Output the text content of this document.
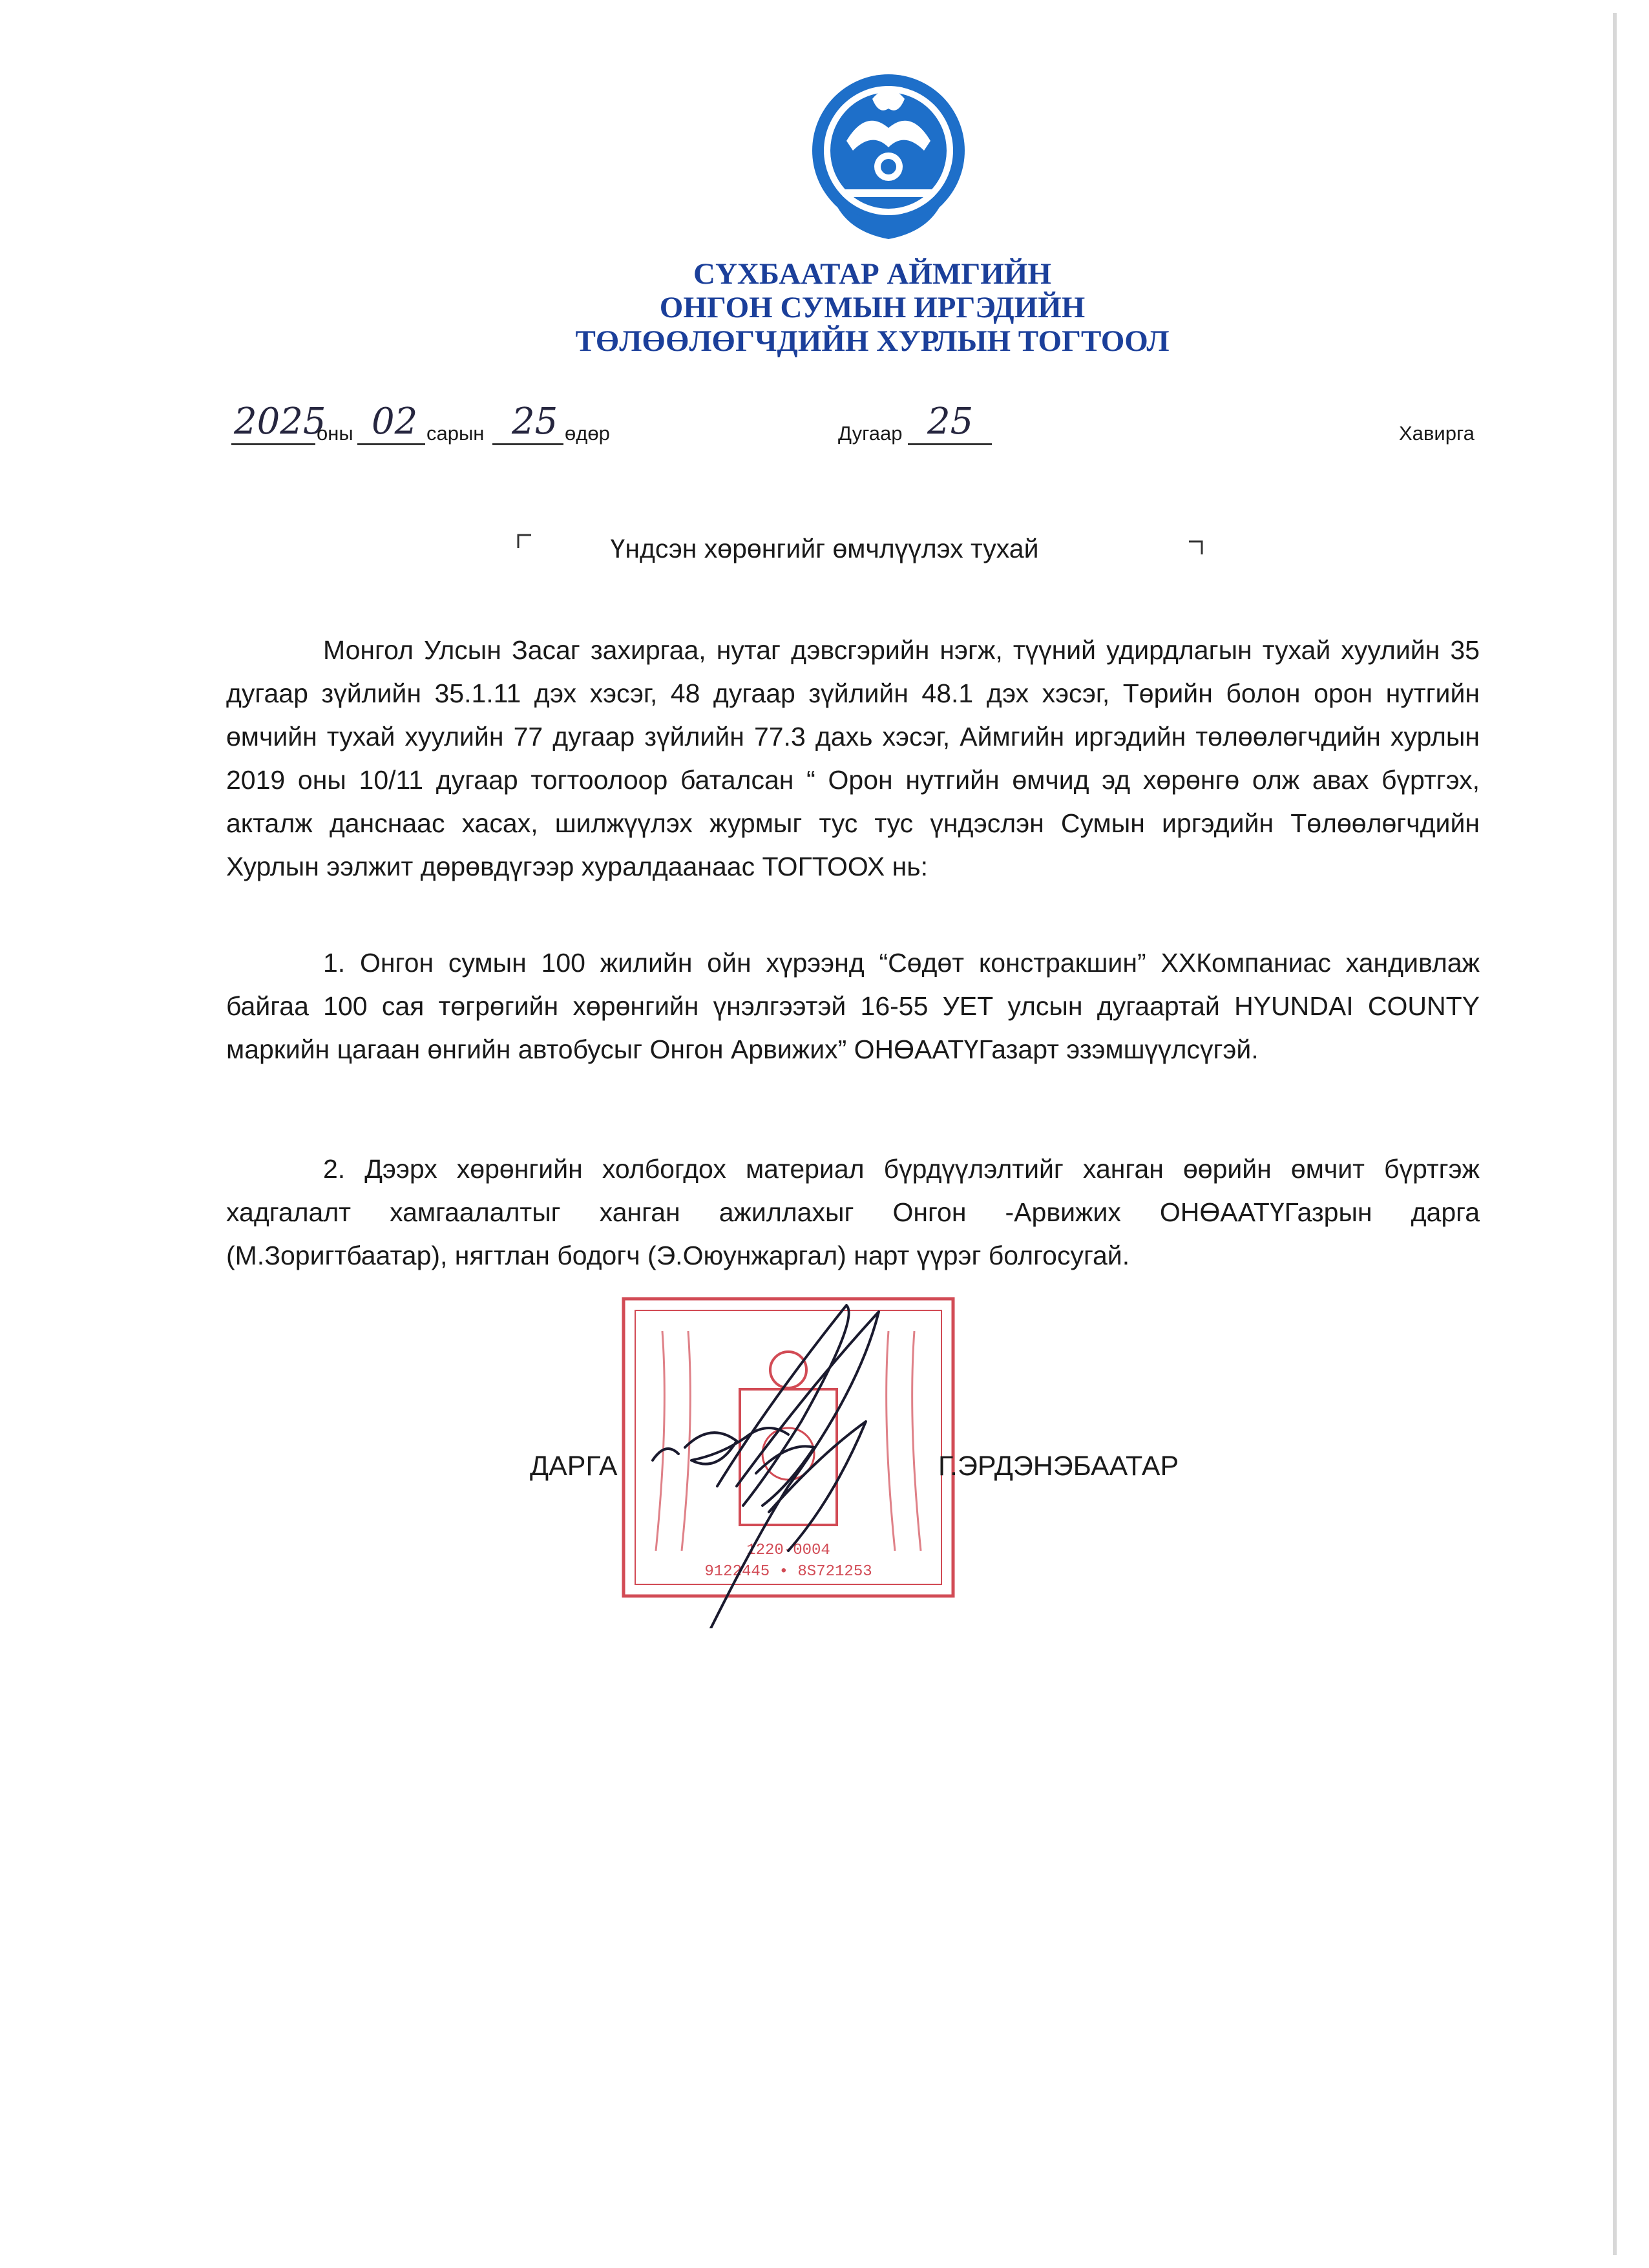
СҮХБААТАР АЙМГИЙН
ОНГОН СУМЫН ИРГЭДИЙН
ТӨЛӨӨЛӨГЧДИЙН ХУРЛЫН ТОГТООЛ
2025
оны 02 сарын 25 өдөр	Дугаар 25	Хавирга
Үндсэн хөрөнгийг өмчлүүлэх тухай
Монгол Улсын Засаг захиргаа, нутаг дэвсгэрийн нэгж, түүний удирдлагын тухай хуулийн 35 дугаар зүйлийн 35.1.11 дэх хэсэг, 48 дугаар зүйлийн 48.1 дэх хэсэг, Төрийн болон орон нутгийн өмчийн тухай хуулийн 77 дугаар зүйлийн 77.3 дахь хэсэг, Аймгийн иргэдийн төлөөлөгчдийн хурлын 2019 оны 10/11 дугаар тогтоолоор баталсан “ Орон нутгийн өмчид эд хөрөнгө олж авах бүртгэх, акталж данснаас хасах, шилжүүлэх журмыг тус тус үндэслэн Сумын иргэдийн Төлөөлөгчдийн Хурлын ээлжит дөрөвдүгээр хуралдаанаас ТОГТООХ нь:
1. Онгон сумын 100 жилийн ойн хүрээнд “Сөдөт констракшин” ХХКомпаниас хандивлаж байгаа 100 сая төгрөгийн хөрөнгийн үнэлгээтэй 16-55 УЕТ улсын дугаартай HYUNDAI COUNTY маркийн цагаан өнгийн автобусыг Онгон Арвижих” ОНӨААТҮГазарт эзэмшүүлсүгэй.
2. Дээрх хөрөнгийн холбогдох материал бүрдүүлэлтийг ханган өөрийн өмчит бүртгэж хадгалалт хамгаалалтыг ханган ажиллахыг Онгон -Арвижих ОНӨААТҮГазрын дарга (М.Зоригтбаатар), нягтлан бодогч (Э.Оюунжаргал) нарт үүрэг болгосугай.
1220-0004
9122445 • 8S721253
ДАРГА	Г.ЭРДЭНЭБААТАР
